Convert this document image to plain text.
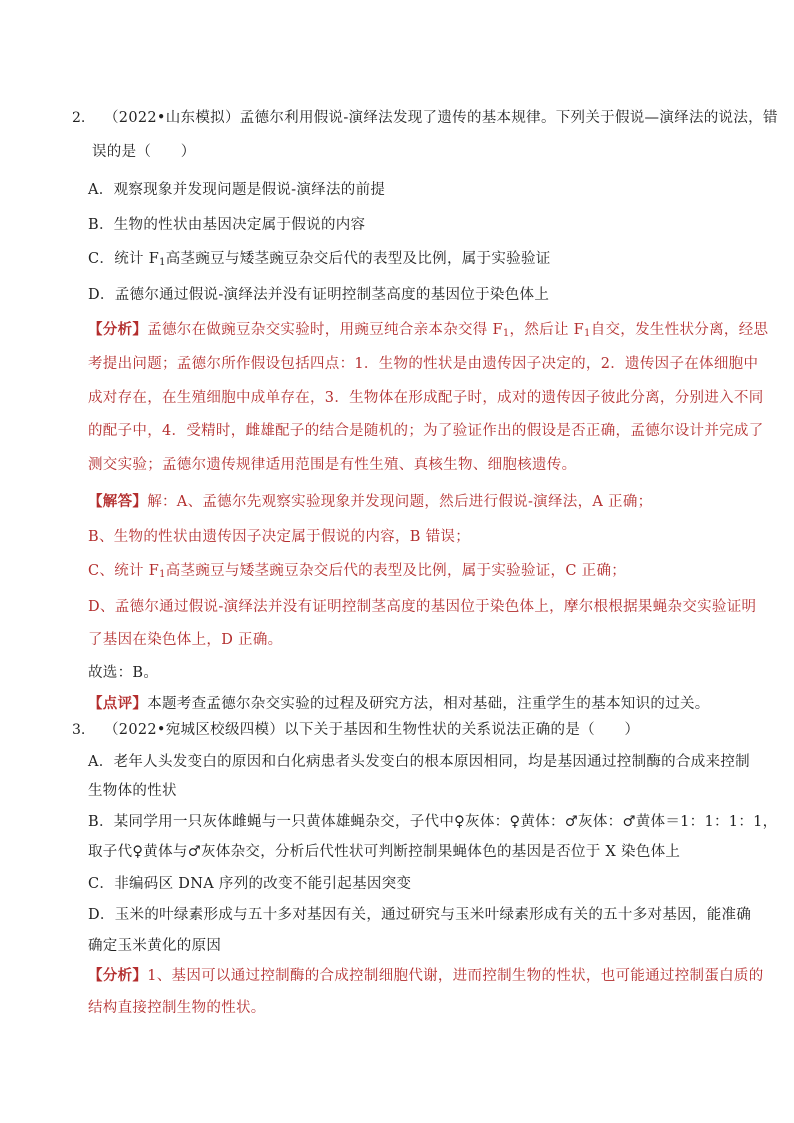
2. （2022•山东模拟）孟德尔利用假说-演绎法发现了遗传的基本规律。下列关于假说—演绎法的说法，错
误的是（　　）
A．观察现象并发现问题是假说-演绎法的前提
B．生物的性状由基因决定属于假说的内容
C．统计 $F_1$高茎豌豆与矮茎豌豆杂交后代的表型及比例，属于实验验证
D．孟德尔通过假说-演绎法并没有证明控制茎高度的基因位于染色体上
【分析】孟德尔在做豌豆杂交实验时，用豌豆纯合亲本杂交得 $F_1$，然后让 $F_1$自交，发生性状分离，经思
考提出问题；孟德尔所作假设包括四点：1．生物的性状是由遗传因子决定的，2．遗传因子在体细胞中
成对存在，在生殖细胞中成单存在，3．生物体在形成配子时，成对的遗传因子彼此分离，分别进入不同
的配子中，4．受精时，雌雄配子的结合是随机的；为了验证作出的假设是否正确，孟德尔设计并完成了
测交实验；孟德尔遗传规律适用范围是有性生殖、真核生物、细胞核遗传。
【解答】解：A、孟德尔先观察实验现象并发现问题，然后进行假说-演绎法，A 正确；
B、生物的性状由遗传因子决定属于假说的内容，B 错误；
C、统计 $F_1$高茎豌豆与矮茎豌豆杂交后代的表型及比例，属于实验验证，C 正确；
D、孟德尔通过假说-演绎法并没有证明控制茎高度的基因位于染色体上，摩尔根根据果蝇杂交实验证明
了基因在染色体上，D 正确。
故选：B。
【点评】本题考查孟德尔杂交实验的过程及研究方法，相对基础，注重学生的基本知识的过关。
3. （2022•宛城区校级四模）以下关于基因和生物性状的关系说法正确的是（　　）
A．老年人头发变白的原因和白化病患者头发变白的根本原因相同，均是基因通过控制酶的合成来控制
生物体的性状
B．某同学用一只灰体雌蝇与一只黄体雄蝇杂交，子代中♀灰体：♀黄体：♂灰体：♂黄体＝1：1：1：1，
取子代♀黄体与♂灰体杂交，分析后代性状可判断控制果蝇体色的基因是否位于 X 染色体上
C．非编码区 DNA 序列的改变不能引起基因突变
D．玉米的叶绿素形成与五十多对基因有关，通过研究与玉米叶绿素形成有关的五十多对基因，能准确
确定玉米黄化的原因
【分析】1、基因可以通过控制酶的合成控制细胞代谢，进而控制生物的性状，也可能通过控制蛋白质的
结构直接控制生物的性状。
